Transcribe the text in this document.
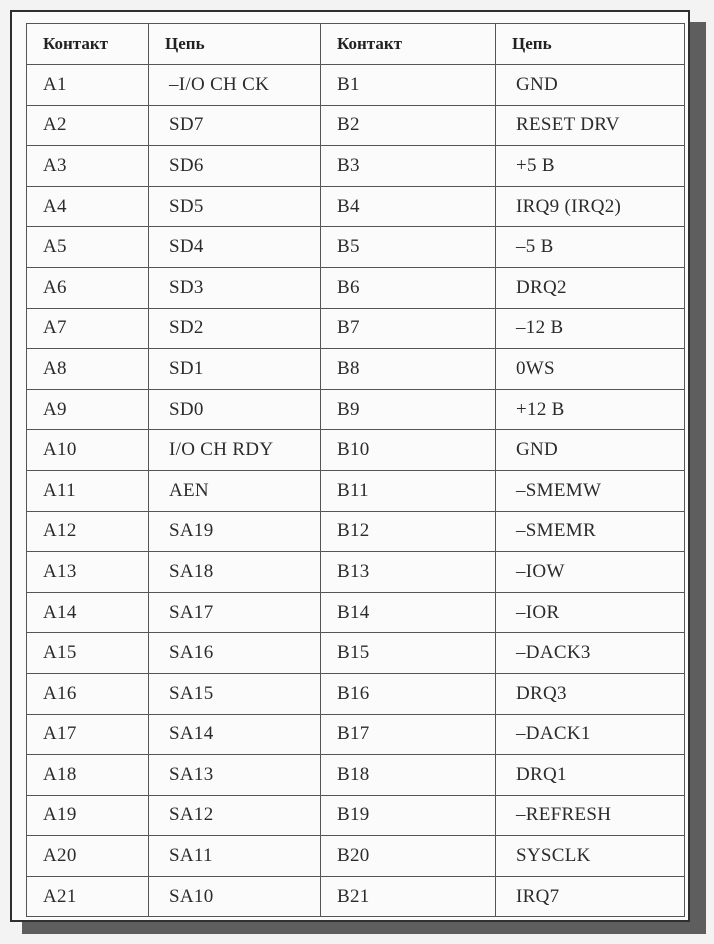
Контакт	Цепь	Контакт	Цепь
A1	–I/O CH CK	B1	GND
A2	SD7	B2	RESET DRV
A3	SD6	B3	+5 B
A4	SD5	B4	IRQ9 (IRQ2)
A5	SD4	B5	–5 B
A6	SD3	B6	DRQ2
A7	SD2	B7	–12 B
A8	SD1	B8	0WS
A9	SD0	B9	+12 B
A10	I/O CH RDY	B10	GND
A11	AEN	B11	–SMEMW
A12	SA19	B12	–SMEMR
A13	SA18	B13	–IOW
A14	SA17	B14	–IOR
A15	SA16	B15	–DACK3
A16	SA15	B16	DRQ3
A17	SA14	B17	–DACK1
A18	SA13	B18	DRQ1
A19	SA12	B19	–REFRESH
A20	SA11	B20	SYSCLK
A21	SA10	B21	IRQ7
